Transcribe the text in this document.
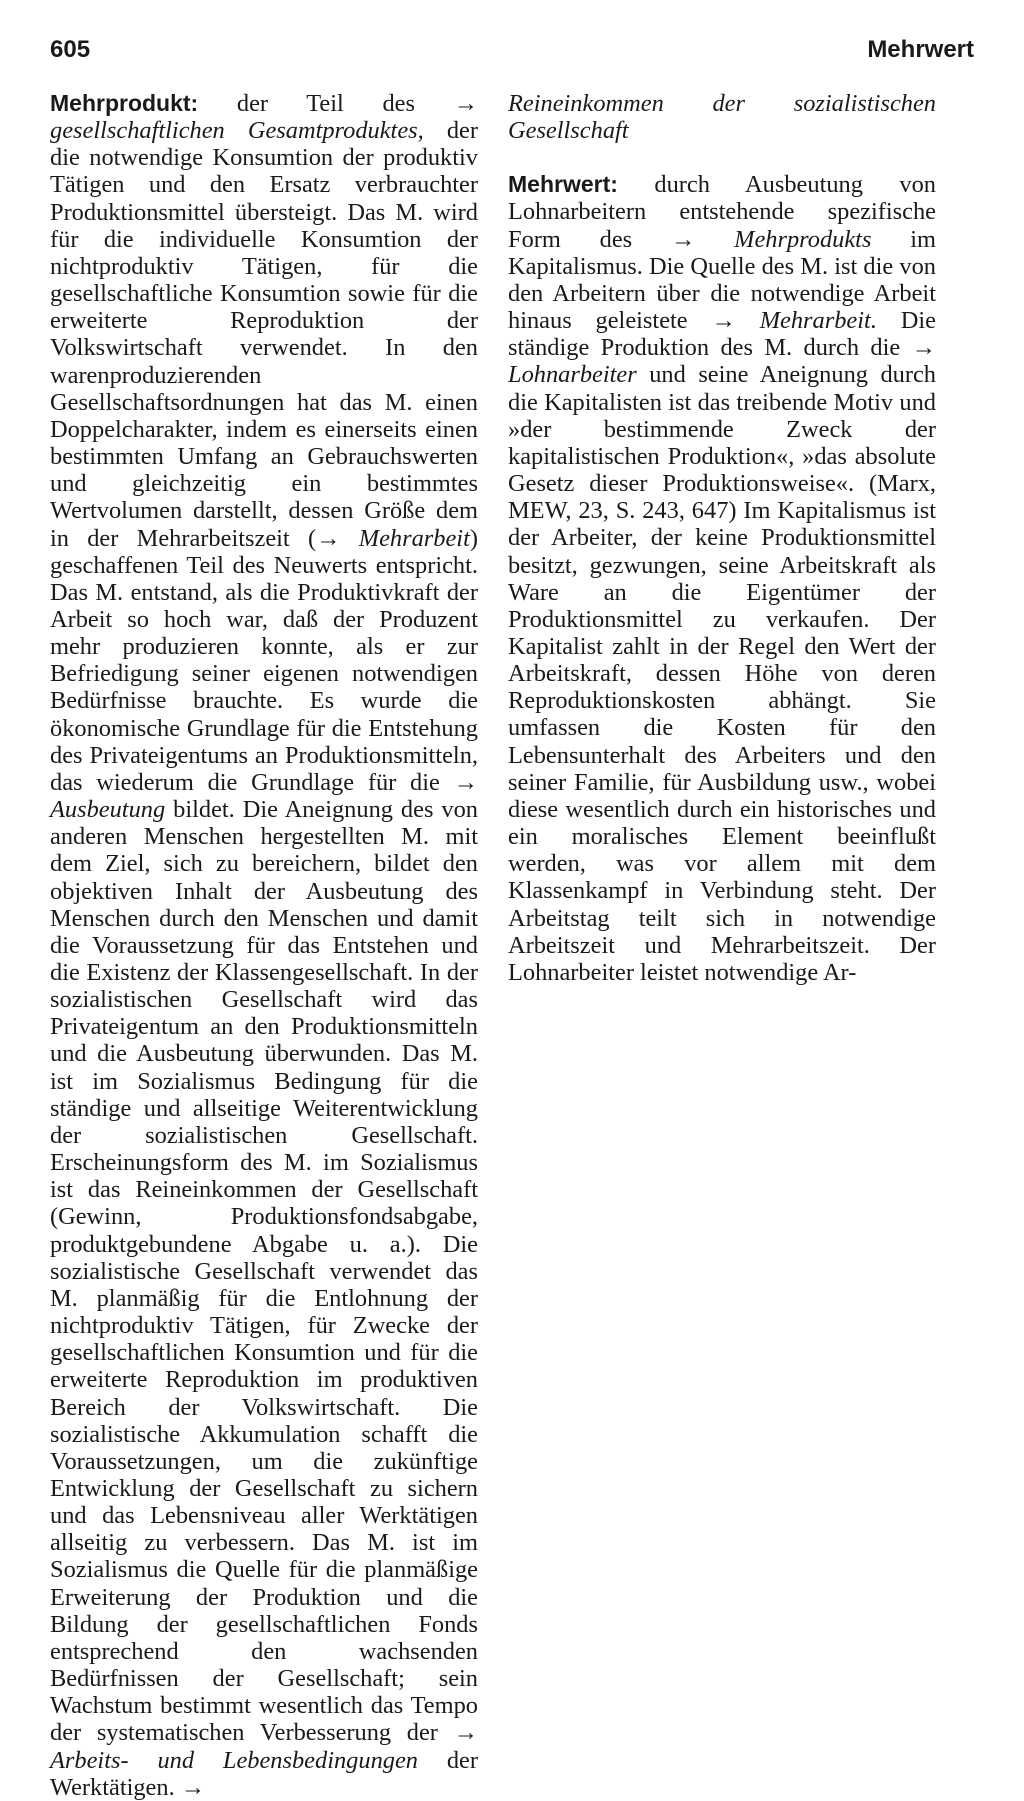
605	Mehrwert

Mehrprodukt: der Teil des → gesellschaftlichen Gesamtproduktes, der die notwendige Konsumtion der produktiv Tätigen und den Ersatz verbrauchter Produktionsmittel übersteigt. Das M. wird für die individuelle Konsumtion der nichtproduktiv Tätigen, für die gesellschaftliche Konsumtion sowie für die erweiterte Reproduktion der Volkswirtschaft verwendet. In den warenproduzierenden Gesellschaftsordnungen hat das M. einen Doppelcharakter, indem es einerseits einen bestimmten Umfang an Gebrauchswerten und gleichzeitig ein bestimmtes Wertvolumen darstellt, dessen Größe dem in der Mehrarbeitszeit (→ Mehrarbeit) geschaffenen Teil des Neuwerts entspricht. Das M. entstand, als die Produktivkraft der Arbeit so hoch war, daß der Produzent mehr produzieren konnte, als er zur Befriedigung seiner eigenen notwendigen Bedürfnisse brauchte. Es wurde die ökonomische Grundlage für die Entstehung des Privateigentums an Produktionsmitteln, das wiederum die Grundlage für die → Ausbeutung bildet. Die Aneignung des von anderen Menschen hergestellten M. mit dem Ziel, sich zu bereichern, bildet den objektiven Inhalt der Ausbeutung des Menschen durch den Menschen und damit die Voraussetzung für das Entstehen und die Existenz der Klassengesellschaft. In der sozialistischen Gesellschaft wird das Privateigentum an den Produktionsmitteln und die Ausbeutung überwunden. Das M. ist im Sozialismus Bedingung für die ständige und allseitige Weiterentwicklung der sozialistischen Gesellschaft. Erscheinungsform des M. im Sozialismus ist das Reineinkommen der Gesellschaft (Gewinn, Produktionsfondsabgabe, produktgebundene Abgabe u. a.). Die sozialistische Gesellschaft verwendet das M. planmäßig für die Entlohnung der nichtproduktiv Tätigen, für Zwecke der gesellschaftlichen Konsumtion und für die erweiterte Reproduktion im produktiven Bereich der Volkswirtschaft. Die sozialistische Akkumulation schafft die Voraussetzungen, um die zukünftige Entwicklung der Gesellschaft zu sichern und das Lebensniveau aller Werktätigen allseitig zu verbessern. Das M. ist im Sozialismus die Quelle für die planmäßige Erweiterung der Produktion und die Bildung der gesellschaftlichen Fonds entsprechend den wachsenden Bedürfnissen der Gesellschaft; sein Wachstum bestimmt wesentlich das Tempo der systematischen Verbesserung der → Arbeits- und Lebensbedingungen der Werktätigen. →

Reineinkommen der sozialistischen Gesellschaft

Mehrwert: durch Ausbeutung von Lohnarbeitern entstehende spezifische Form des → Mehrprodukts im Kapitalismus. Die Quelle des M. ist die von den Arbeitern über die notwendige Arbeit hinaus geleistete → Mehrarbeit. Die ständige Produktion des M. durch die → Lohnarbeiter und seine Aneignung durch die Kapitalisten ist das treibende Motiv und »der bestimmende Zweck der kapitalistischen Produktion«, »das absolute Gesetz dieser Produktionsweise«. (Marx, MEW, 23, S. 243, 647) Im Kapitalismus ist der Arbeiter, der keine Produktionsmittel besitzt, gezwungen, seine Arbeitskraft als Ware an die Eigentümer der Produktionsmittel zu verkaufen. Der Kapitalist zahlt in der Regel den Wert der Arbeitskraft, dessen Höhe von deren Reproduktionskosten abhängt. Sie umfassen die Kosten für den Lebensunterhalt des Arbeiters und den seiner Familie, für Ausbildung usw., wobei diese wesentlich durch ein historisches und ein moralisches Element beeinflußt werden, was vor allem mit dem Klassenkampf in Verbindung steht. Der Arbeitstag teilt sich in notwendige Arbeitszeit und Mehrarbeitszeit. Der Lohnarbeiter leistet notwendige Ar-
